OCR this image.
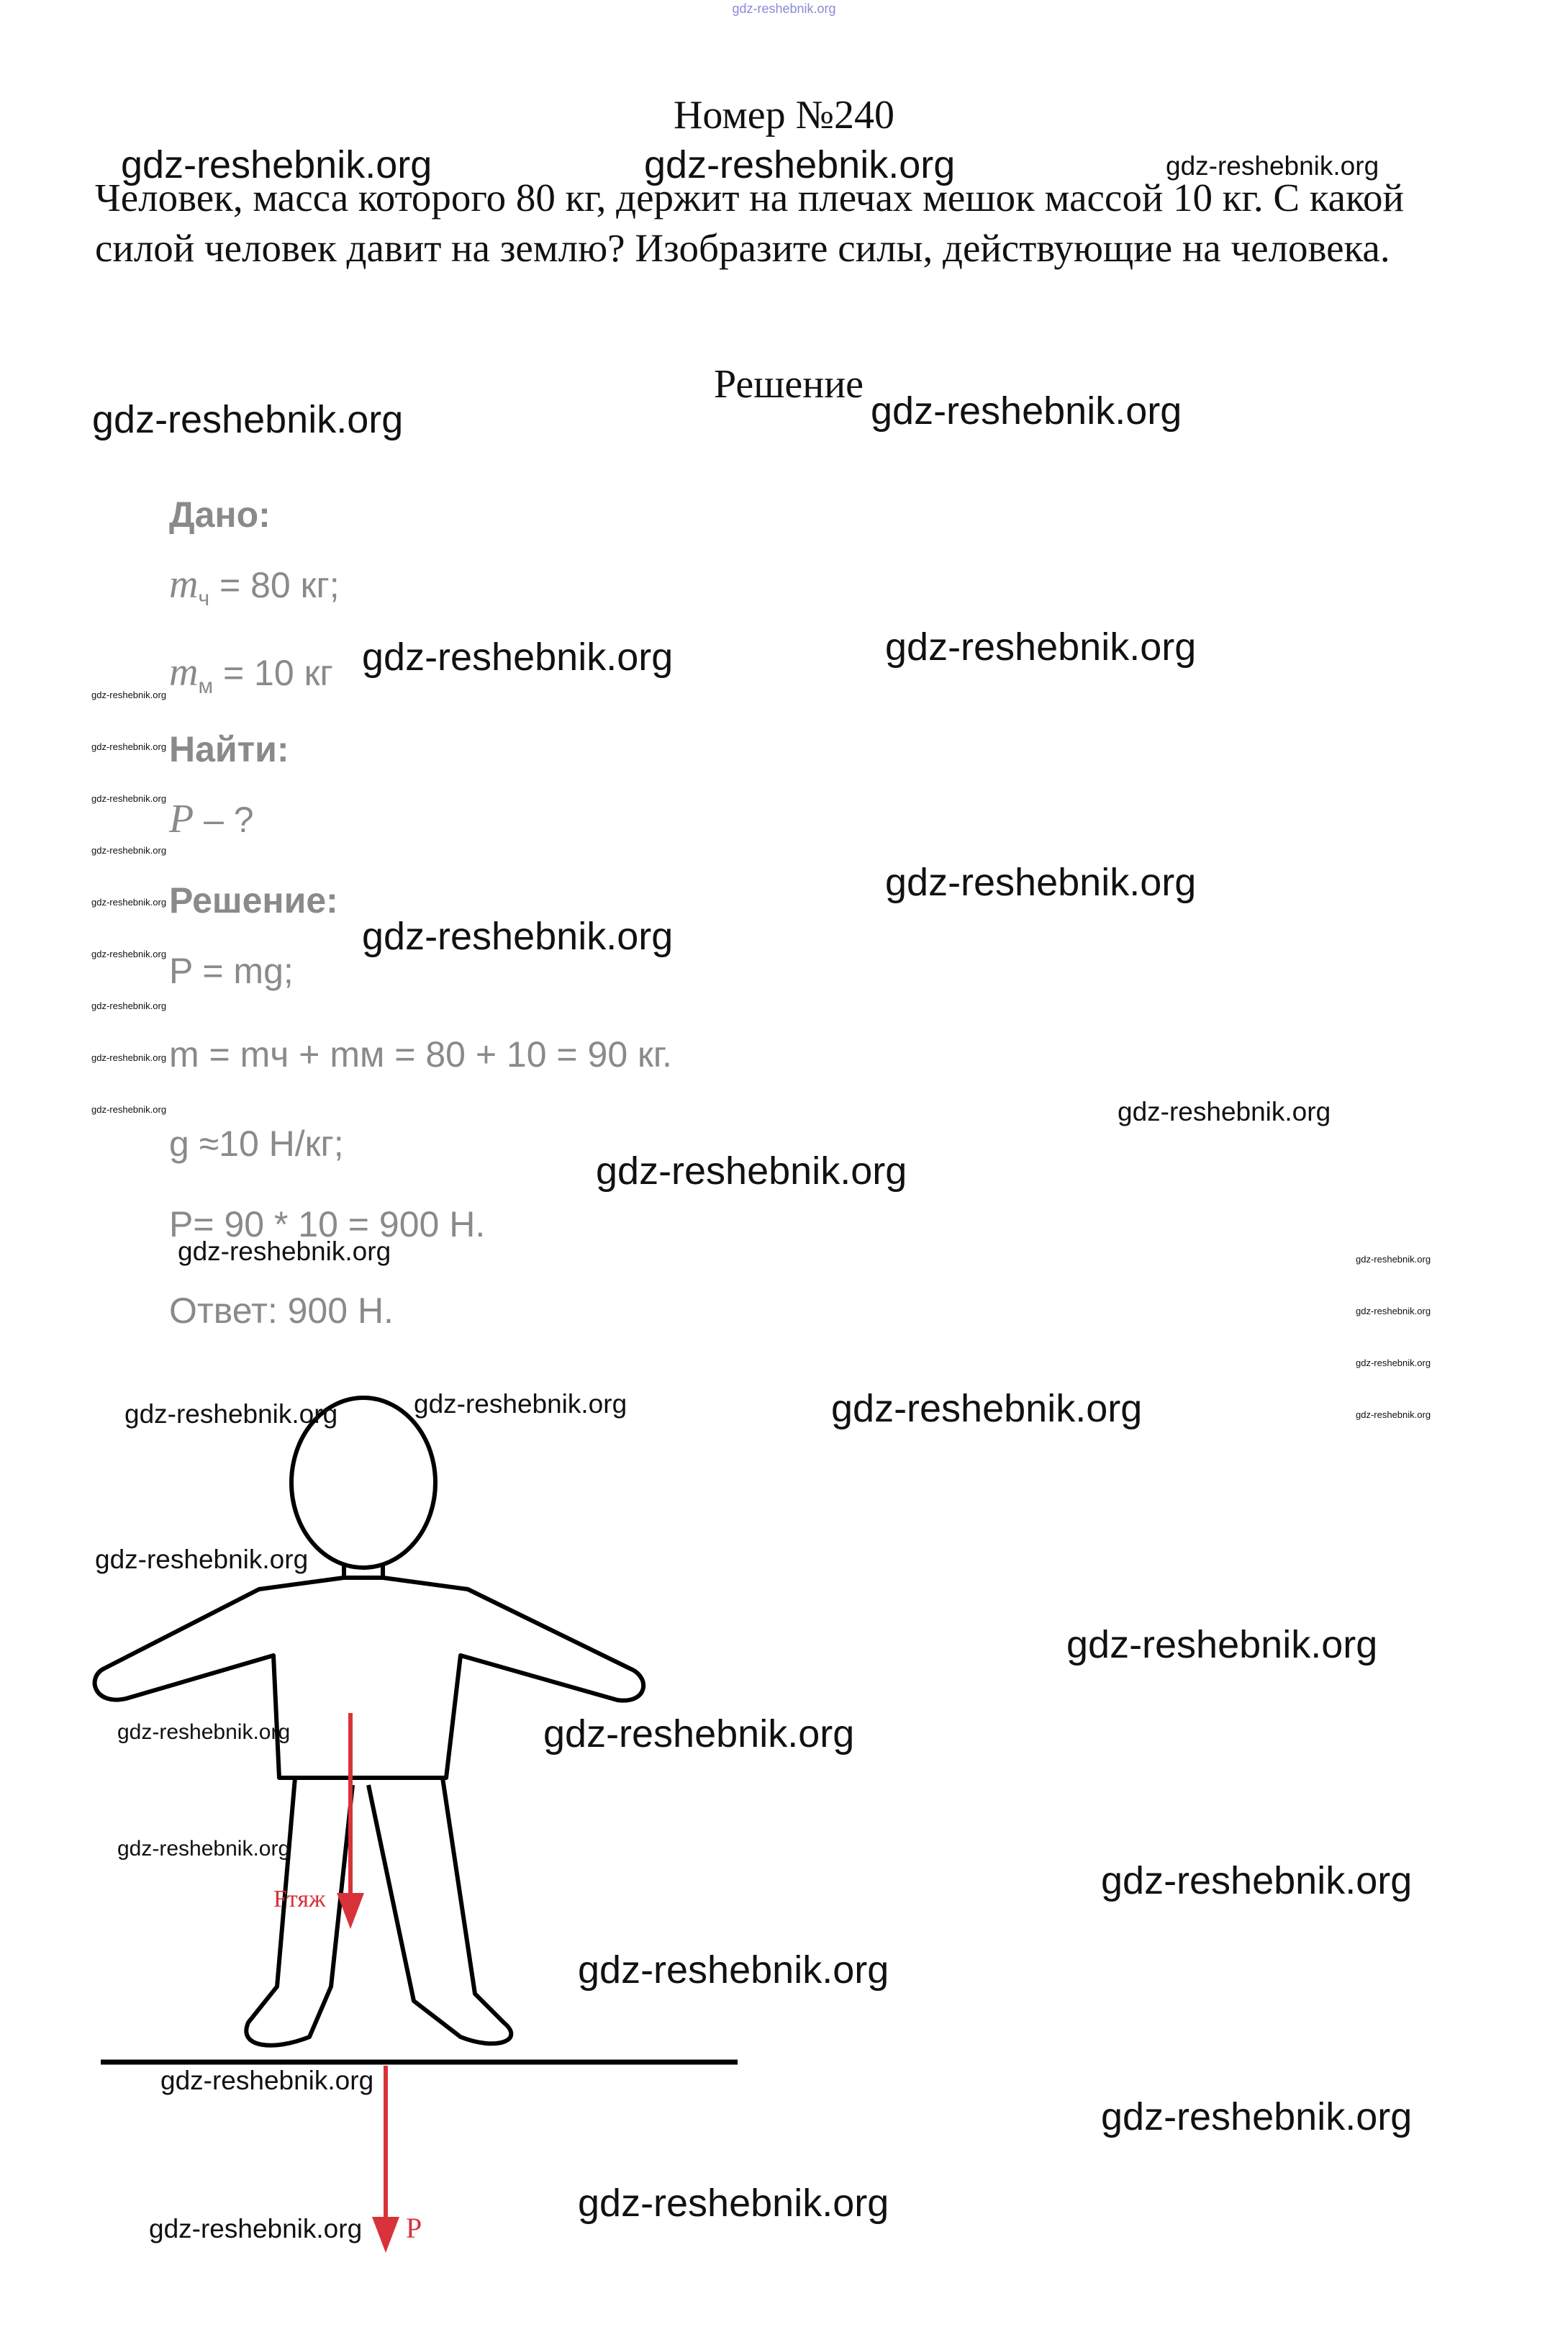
gdz-reshebnik.org
Номер №240
Человек, масса которого 80 кг, держит на плечах мешок массой 10 кг. С какой силой человек давит на землю? Изобразите силы, действующие на человека.
Решение
Дано:
$m_ч = 80$ кг;
$m_м = 10$ кг
Найти:
P – ?
Решение:
P = mg;
m = mч + mм = 80 + 10 = 90 кг.
g ≈10 Н/кг;
P= 90 * 10 = 900 Н.
Ответ: 900 Н.
Fтяж
P
gdz-reshebnik.org	gdz-reshebnik.org	gdz-reshebnik.org
gdz-reshebnik.org	gdz-reshebnik.org
gdz-reshebnik.org	gdz-reshebnik.org
gdz-reshebnik.org
gdz-reshebnik.org
gdz-reshebnik.org
gdz-reshebnik.org
gdz-reshebnik.org
gdz-reshebnik.org	gdz-reshebnik.org	gdz-reshebnik.org
gdz-reshebnik.org
gdz-reshebnik.org
gdz-reshebnik.org	gdz-reshebnik.org
gdz-reshebnik.org
gdz-reshebnik.org
gdz-reshebnik.org
gdz-reshebnik.org
gdz-reshebnik.org
gdz-reshebnik.org
gdz-reshebnik.org
gdz-reshebnik.org
gdz-reshebnik.org
gdz-reshebnik.org
gdz-reshebnik.org
gdz-reshebnik.org
gdz-reshebnik.org
gdz-reshebnik.org
gdz-reshebnik.org
gdz-reshebnik.org
gdz-reshebnik.org
gdz-reshebnik.org
gdz-reshebnik.org
gdz-reshebnik.org
